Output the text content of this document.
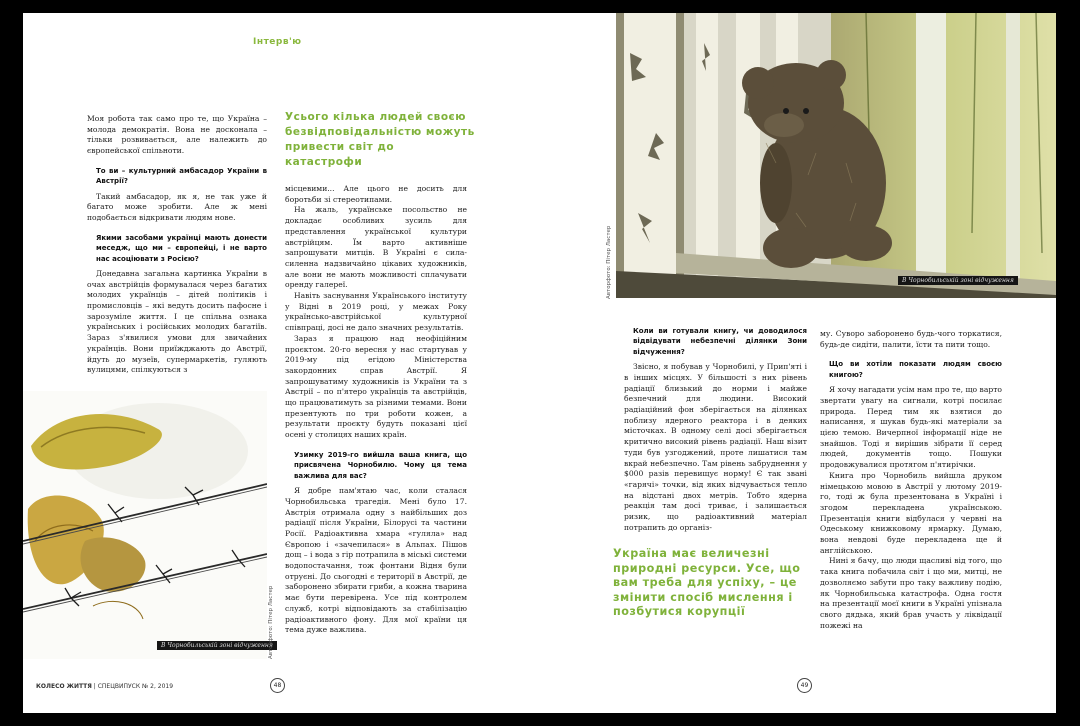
Інтерв'ю

Моя робота так само про те, що Україна – молода демократія. Вона не досконала – тільки розвивається, але належить до європейської спільноти.

То ви – культурний амбасадор України в Австрії?

Такий амбасадор, як я, не так уже й багато може зробити. Але ж мені подобається відкривати людям нове.

Якими засобами українці мають донести меседж, що ми – європейці, і не варто нас асоціювати з Росією?

Донедавна загальна картинка України в очах австрійців формувалася через багатих молодих українців – дітей політиків і промисловців – які ведуть досить пафосне і зарозуміле життя. І це спільна ознака українських і російських молодих багатіїв. Зараз з'явилися умови для звичайних українців. Вони приїжджають до Австрії, йдуть до музеїв, супермаркетів, гуляють вулицями, спілкуються з

Усього кілька людей своєю безвідповідальністю можуть привести світ до катастрофи

місцевими... Але цього не досить для боротьби зі стереотипами.

На жаль, українське посольство не докладає особливих зусиль для представлення української культури австрійцям. Їм варто активніше запрошувати митців. В Україні є сила-силенна надзвичайно цікавих художників, але вони не мають можливості сплачувати оренду галереї.

Навіть заснування Українського інституту у Відні в 2019 році, у межах Року українсько-австрійської культурної співпраці, досі не дало значних результатів.

Зараз я працюю над неофіційним проєктом. 20-го вересня у нас стартував у 2019-му під егідою Міністерства закордонних справ Австрії. Я запрошуватиму художників із України та з Австрії – по п'ятеро українців та австрійців, що працюватимуть за різними темами. Вони презентують по три роботи кожен, а результати проєкту будуть показані цієї осені у столицях наших країн.

Узимку 2019-го вийшла ваша книга, що присвячена Чорнобилю. Чому ця тема важлива для вас?

Я добре пам'ятаю час, коли сталася Чорнобильська трагедія. Мені було 17. Австрія отримала одну з найбільших доз радіації після України, Білорусі та частини Росії. Радіоактивна хмара «гуляла» над Європою і «зачепилася» в Альпах. Пішов дощ – і вода з гір потрапила в міські системи водопостачання, тож фонтани Відня були отруєні. До сьогодні є території в Австрії, де заборонено збирати гриби, а кожна тварина має бути перевірена. Усе під контролем служб, котрі відповідають за стабілізацію радіоактивного фону. Для мої країни ця тема дуже важлива.

В Чорнобильській зоні відчуження
Авторфото: Пітер Ластер
КОЛЕСО ЖИТТЯ | СПЕЦВИПУСК № 2, 2019	48
В Чорнобильській зоні відчуження
Авторфото: Пітер Ластер
Коли ви готували книгу, чи доводилося відвідувати небезпечні ділянки Зони відчуження?

Звісно, я побував у Чорнобилі, у Прип'яті і в інших місцях. У більшості з них рівень радіації близький до норми і майже безпечний для людини. Високий радіаційний фон зберігається на ділянках поблизу ядерного реактора і в деяких місточках. В одному селі досі зберігається критично високий рівень радіації. Наш візит туди був узгоджений, проте лишатися там вкрай небезпечно. Там рівень забруднення у $000 разів перевищує норму! Є так звані «гарячі» точки, від яких відчувається тепло на відстані двох метрів. Тобто ядерна реакція там досі триває, і залишається ризик, що радіоактивний матеріал потрапить до організ-

Україна має величезні природні ресурси. Усе, що вам треба для успіху, – це змінити спосіб мислення і позбутися корупції

му. Суворо заборонено будь-чого торкатися, будь-де сидіти, палити, їсти та пити тощо.

Що ви хотіли показати людям своєю книгою?

Я хочу нагадати усім нам про те, що варто звертати увагу на сигнали, котрі посилає природа. Перед тим як взятися до написання, я шукав будь-які матеріали за цією темою. Вичерпної інформації ніде не знайшов. Тоді я вирішив зібрати її серед людей, документів тощо. Пошуки продовжувалися протягом п'ятирічки.

Книга про Чорнобиль вийшла друком німецькою мовою в Австрії у лютому 2019-го, тоді ж була презентована в Україні і згодом перекладена українською. Презентація книги відбулася у червні на Одеському книжковому ярмарку. Думаю, вона невдові буде перекладена ще й англійською.

Нині я бачу, що люди щасливі від того, що така книга побачила світ і що ми, митці, не дозволяємо забути про таку важливу подію, як Чорнобильська катастрофа. Одна гостя на презентації моєї книги в Україні упізнала свого дядька, який брав участь у ліквідації пожежі на

49
